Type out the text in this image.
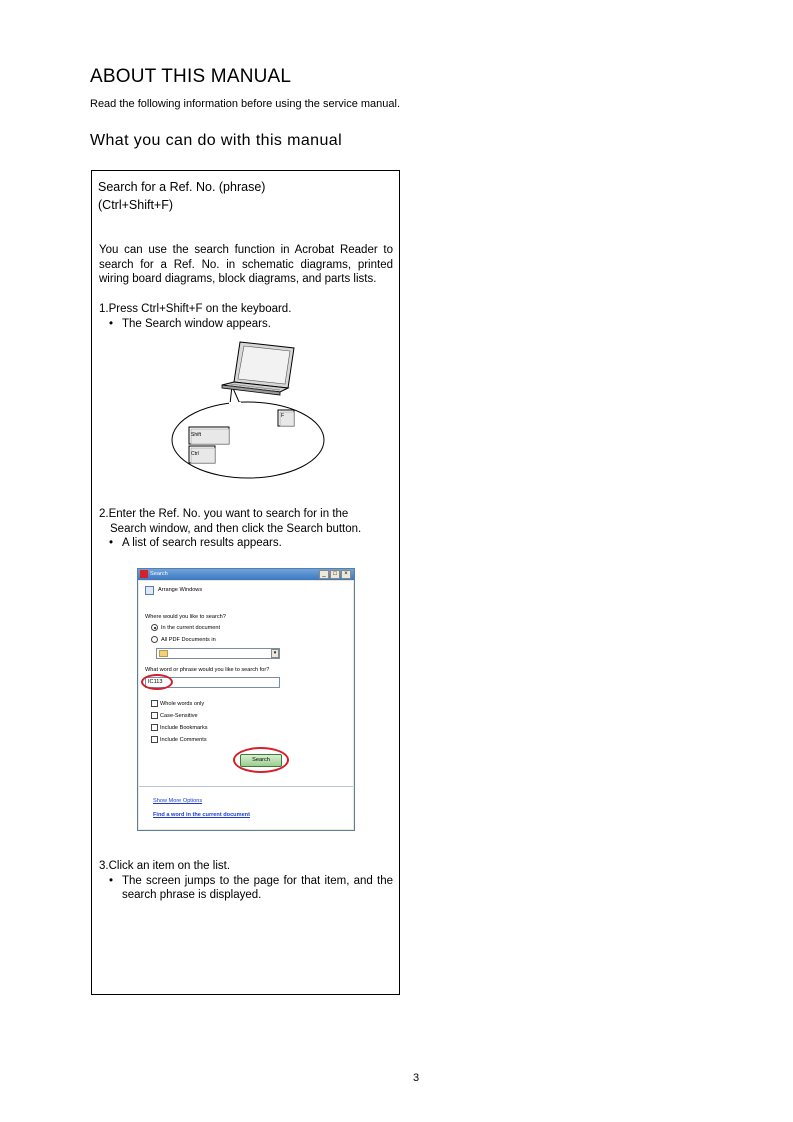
ABOUT THIS MANUAL
Read the following information before using the service manual.
What you can do with this manual
Search for a Ref. No. (phrase)
(Ctrl+Shift+F)
You can use the search function in Acrobat Reader to search for a Ref. No. in schematic diagrams, printed wiring board diagrams, block diagrams, and parts lists.
1.Press Ctrl+Shift+F on the keyboard.
• The Search window appears.
F
Shift
Ctrl
2.Enter the Ref. No. you want to search for in the
Search window, and then click the Search button.
• A list of search results appears.
Search	_	□	×
Arrange Windows
Where would you like to search?
In the current document
All PDF Documents in
▾
What word or phrase would you like to search for?
IC113
Whole words only
Case-Sensitive
Include Bookmarks
Include Comments
Search
Show More Options
Find a word in the current document
3.Click an item on the list.
• The screen jumps to the page for that item, and the search phrase is displayed.
3
